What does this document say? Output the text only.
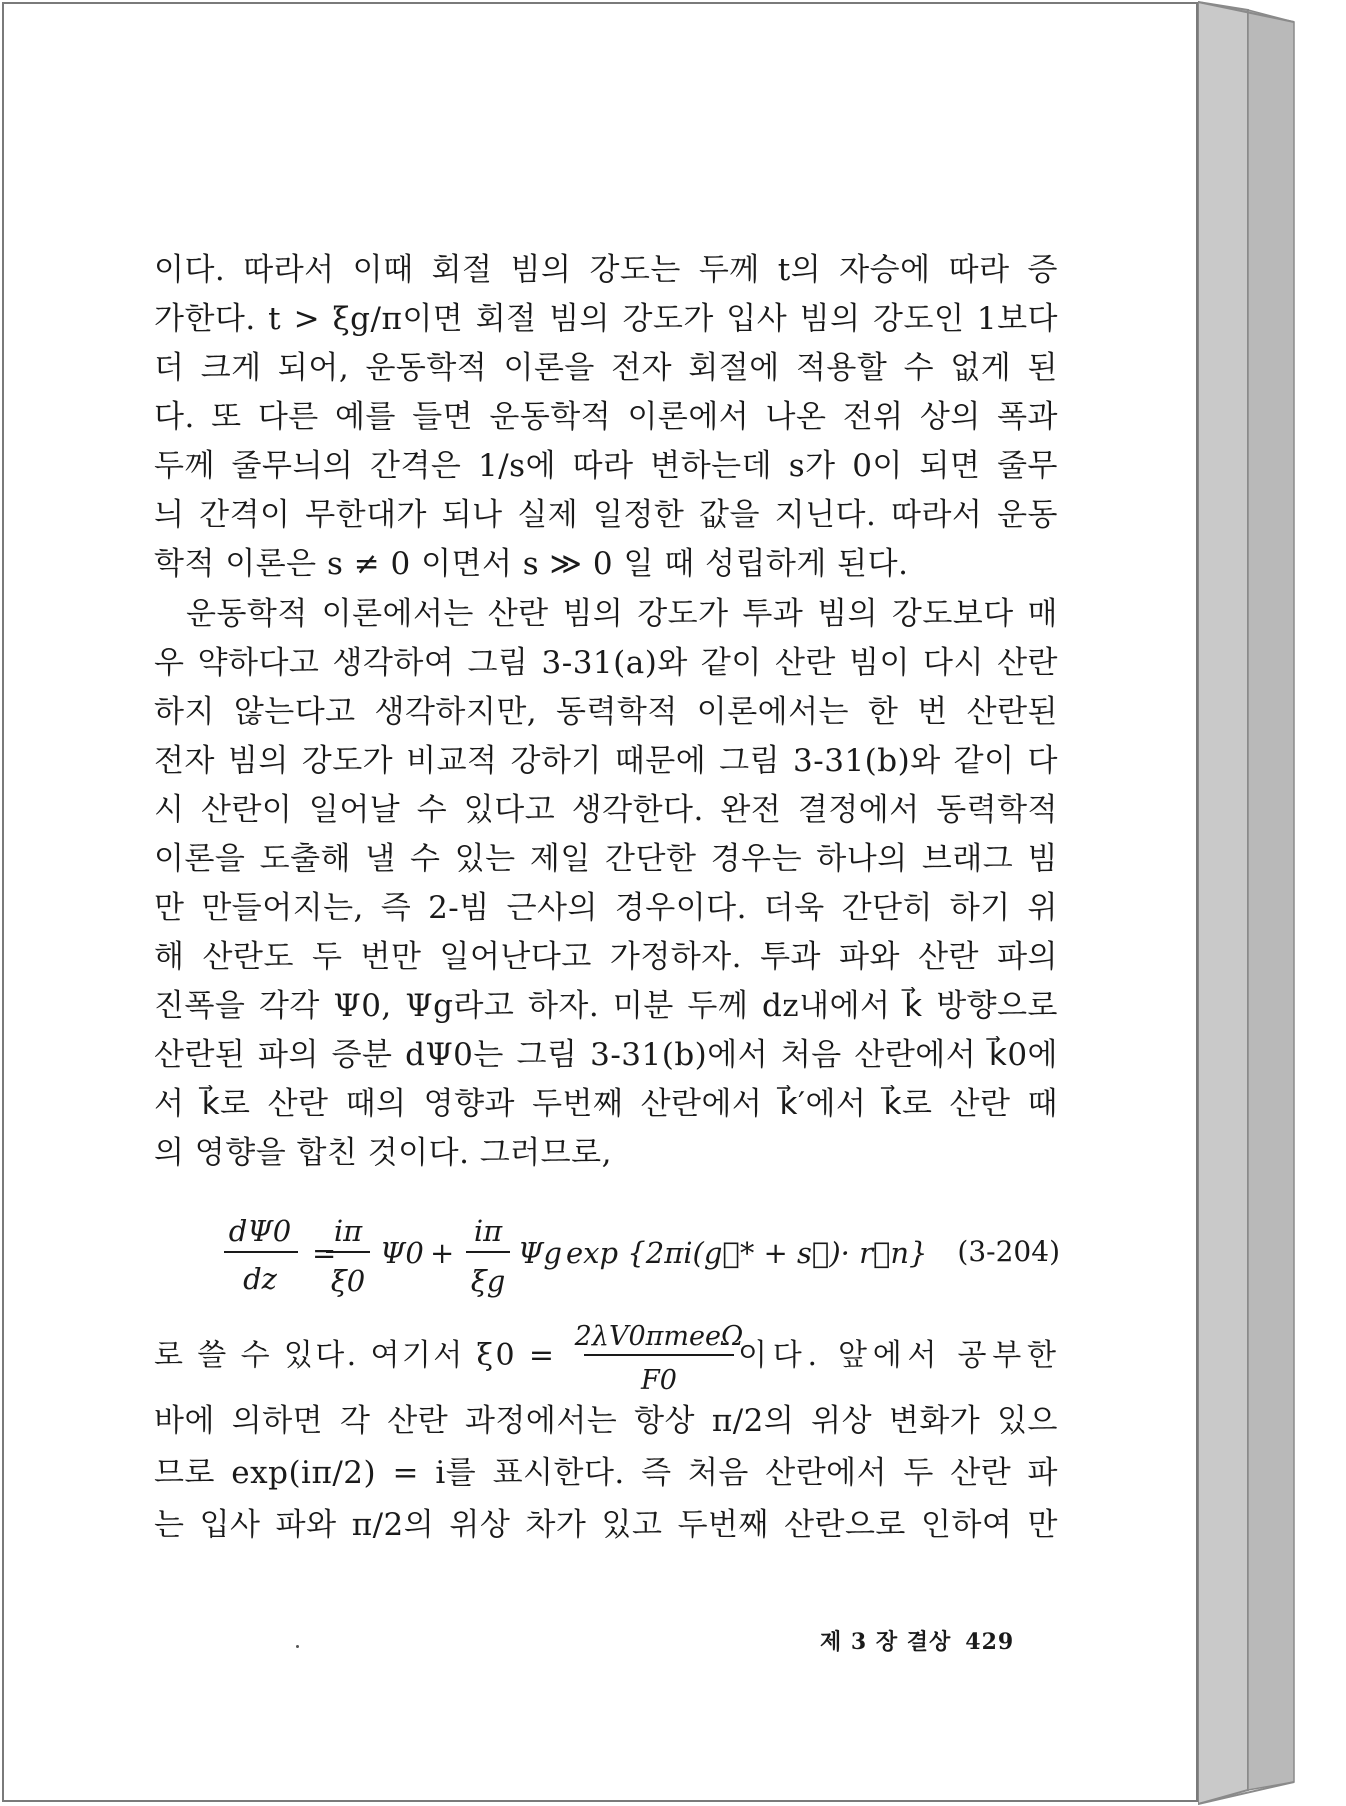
이다. 따라서 이때 회절 빔의 강도는 두께 t의 자승에 따라 증
가한다. t > ξg/π이면 회절 빔의 강도가 입사 빔의 강도인 1보다
더 크게 되어, 운동학적 이론을 전자 회절에 적용할 수 없게 된
다. 또 다른 예를 들면 운동학적 이론에서 나온 전위 상의 폭과
두께 줄무늬의 간격은 1/s에 따라 변하는데 s가 0이 되면 줄무
늬 간격이 무한대가 되나 실제 일정한 값을 지닌다. 따라서 운동
학적 이론은 s ≠ 0 이면서 s ≫ 0 일 때 성립하게 된다.
운동학적 이론에서는 산란 빔의 강도가 투과 빔의 강도보다 매
우 약하다고 생각하여 그림 3-31(a)와 같이 산란 빔이 다시 산란
하지 않는다고 생각하지만, 동력학적 이론에서는 한 번 산란된
전자 빔의 강도가 비교적 강하기 때문에 그림 3-31(b)와 같이 다
시 산란이 일어날 수 있다고 생각한다. 완전 결정에서 동력학적
이론을 도출해 낼 수 있는 제일 간단한 경우는 하나의 브래그 빔
만 만들어지는, 즉 2-빔 근사의 경우이다. 더욱 간단히 하기 위
해 산란도 두 번만 일어난다고 가정하자. 투과 파와 산란 파의
진폭을 각각 Ψ0, Ψg라고 하자. 미분 두께 dz내에서 k⃗ 방향으로
산란된 파의 증분 dΨ0는 그림 3-31(b)에서 처음 산란에서 k⃗0에
서 k⃗로 산란 때의 영향과 두번째 산란에서 k⃗′에서 k⃗로 산란 때
의 영향을 합친 것이다. 그러므로,
dΨ0
dz
=
iπ
ξ0
Ψ0 +
iπ
ξg
Ψg exp {2πi(g⃗* + s⃗)· r⃗n} (3-204)
로 쓸 수 있다. 여기서 ξ0 =
2λV0πmeeΩ
F0
이다. 앞에서 공부한
바에 의하면 각 산란 과정에서는 항상 π/2의 위상 변화가 있으
므로 exp(iπ/2) = i를 표시한다. 즉 처음 산란에서 두 산란 파
는 입사 파와 π/2의 위상 차가 있고 두번째 산란으로 인하여 만
제 3 장 결상 429
